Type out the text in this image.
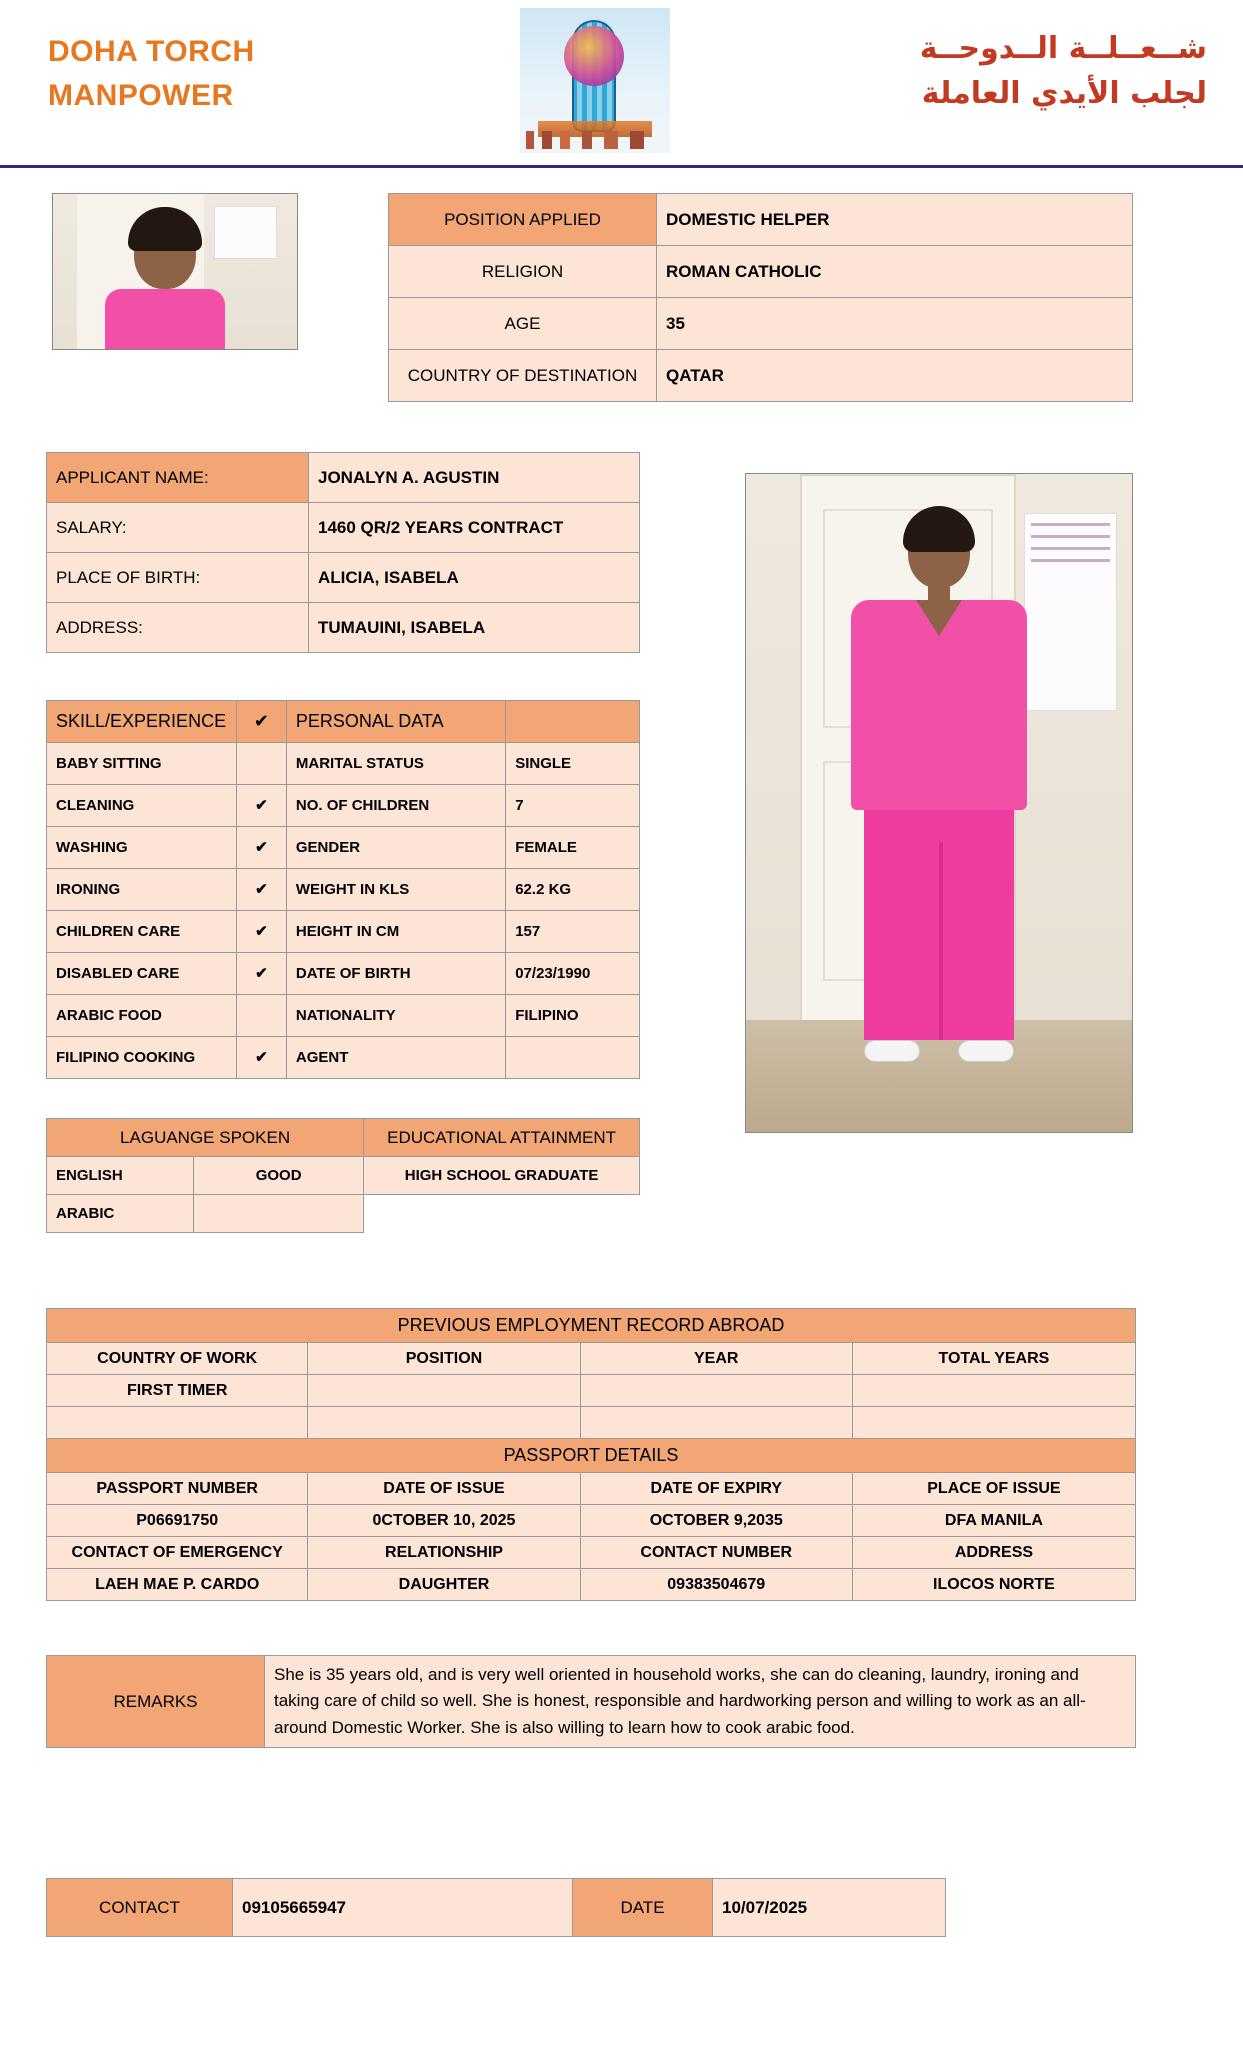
DOHA TORCH
MANPOWER
شــعــلــة الــدوحــة
لجلب الأيدي العاملة
POSITION APPLIED	DOMESTIC HELPER
RELIGION	ROMAN CATHOLIC
AGE	35
COUNTRY OF DESTINATION	QATAR
APPLICANT NAME:	JONALYN A. AGUSTIN
SALARY:	1460 QR/2 YEARS CONTRACT
PLACE OF BIRTH:	ALICIA, ISABELA
ADDRESS:	TUMAUINI, ISABELA
SKILL/EXPERIENCE	✔	PERSONAL DATA	
BABY SITTING		MARITAL STATUS	SINGLE
CLEANING	✔	NO. OF CHILDREN	7
WASHING	✔	GENDER	FEMALE
IRONING	✔	WEIGHT IN KLS	62.2 KG
CHILDREN CARE	✔	HEIGHT IN CM	157
DISABLED CARE	✔	DATE OF BIRTH	07/23/1990
ARABIC FOOD		NATIONALITY	FILIPINO
FILIPINO COOKING	✔	AGENT	
LAGUANGE SPOKEN		EDUCATIONAL ATTAINMENT
ENGLISH	GOOD	HIGH SCHOOL GRADUATE
ARABIC		
PREVIOUS EMPLOYMENT RECORD ABROAD			
COUNTRY OF WORK	POSITION	YEAR	TOTAL YEARS
FIRST TIMER			

PASSPORT DETAILS			
PASSPORT NUMBER	DATE OF ISSUE	DATE OF EXPIRY	PLACE OF ISSUE
P06691750	0CTOBER 10, 2025	OCTOBER 9,2035	DFA MANILA
CONTACT OF EMERGENCY	RELATIONSHIP	CONTACT NUMBER	ADDRESS
LAEH MAE P. CARDO	DAUGHTER	09383504679	ILOCOS NORTE
REMARKS	She is 35 years old, and is very well oriented in household works, she can do cleaning, laundry, ironing and taking care of child so well. She is honest, responsible and hardworking person and willing to work as an all-around Domestic Worker. She is also willing to learn how to cook arabic food.
CONTACT	09105665947	DATE	10/07/2025
